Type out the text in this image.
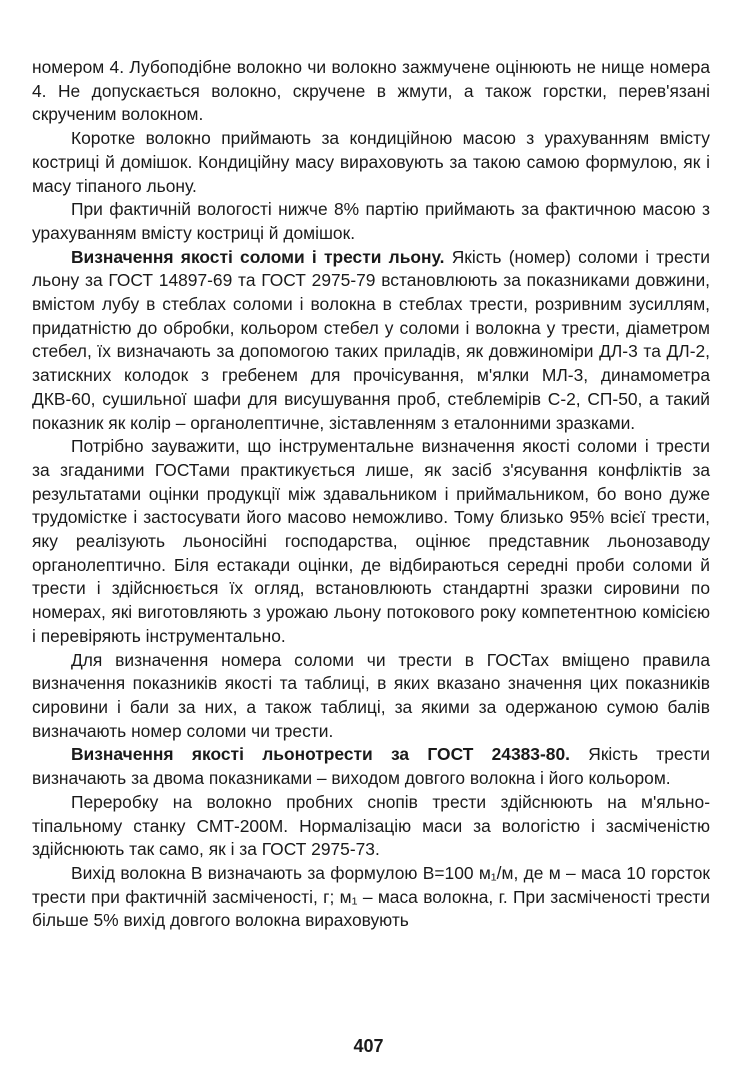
номером 4. Лубоподібне волокно чи волокно зажмучене оцінюють не нище номера 4. Не допускається волокно, скручене в жмути, а також горстки, перев'язані скрученим волокном.

Коротке волокно приймають за кондиційною масою з урахуванням вмісту костриці й домішок. Кондиційну масу вираховують за такою самою формулою, як і масу тіпаного льону.

При фактичній вологості нижче 8% партію приймають за фактичною масою з урахуванням вмісту костриці й домішок.

Визначення якості соломи і трести льону. Якість (номер) соломи і трести льону за ГОСТ 14897-69 та ГОСТ 2975-79 встановлюють за показниками довжини, вмістом лубу в стеблах соломи і волокна в стеблах трести, розривним зусиллям, придатністю до обробки, кольором стебел у соломи і волокна у трести, діаметром стебел, їх визначають за допомогою таких приладів, як довжиноміри ДЛ-3 та ДЛ-2, затискних колодок з гребенем для прочісування, м'ялки МЛ-3, динамометра ДКВ-60, сушильної шафи для висушування проб, стеблемірів С-2, СП-50, а такий показник як колір – органолептичне, зіставленням з еталонними зразками.

Потрібно зауважити, що інструментальне визначення якості соломи і трести за згаданими ГОСТами практикується лише, як засіб з'ясування конфліктів за результатами оцінки продукції між здавальником і приймальником, бо воно дуже трудомістке і застосувати його масово неможливо. Тому близько 95% всієї трести, яку реалізують льоносійні господарства, оцінює представник льонозаводу органолептично. Біля естакади оцінки, де відбираються середні проби соломи й трести і здійснюється їх огляд, встановлюють стандартні зразки сировини по номерах, які виготовляють з урожаю льону потокового року компетентною комісією і перевіряють інструментально.

Для визначення номера соломи чи трести в ГОСТах вміщено правила визначення показників якості та таблиці, в яких вказано значення цих показників сировини і бали за них, а також таблиці, за якими за одержаною сумою балів визначають номер соломи чи трести.

Визначення якості льонотрести за ГОСТ 24383-80. Якість трести визначають за двома показниками – виходом довгого волокна і його кольором.

Переробку на волокно пробних снопів трести здійснюють на м'яльно-тіпальному станку СМТ-200М. Нормалізацію маси за вологістю і засміченістю здійснюють так само, як і за ГОСТ 2975-73.

Вихід волокна В визначають за формулою В=100 м₁/м, де м – маса 10 горсток трести при фактичній засміченості, г; м₁ – маса волокна, г. При засміченості трести більше 5% вихід довгого волокна вираховують

407
